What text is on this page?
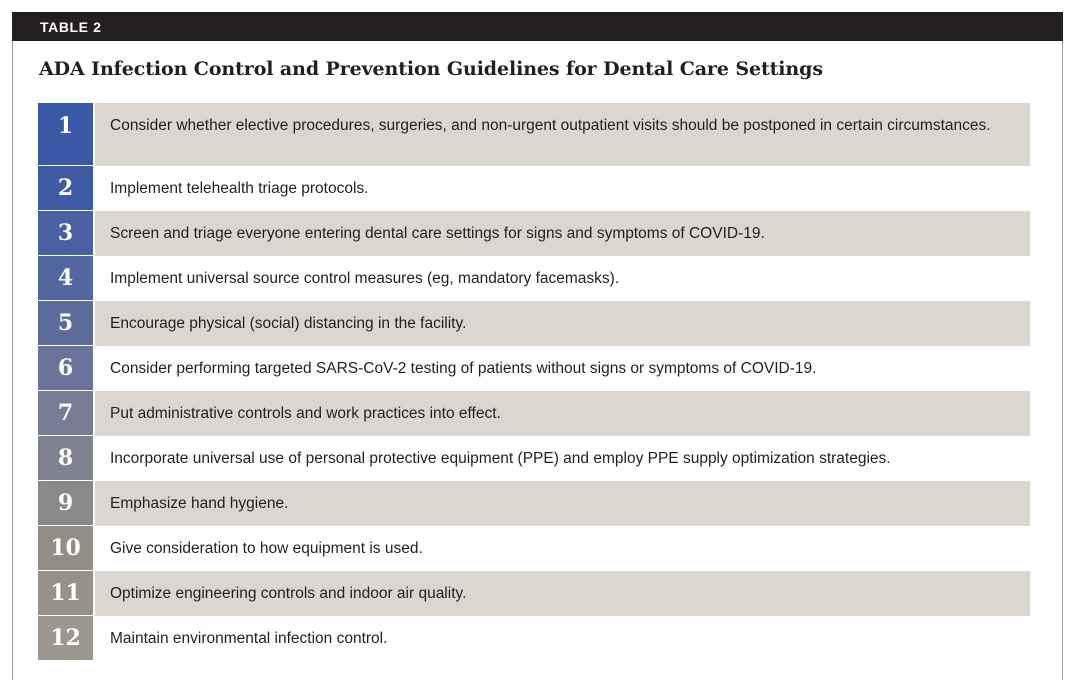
TABLE 2
ADA Infection Control and Prevention Guidelines for Dental Care Settings
1	Consider whether elective procedures, surgeries, and non-urgent outpatient visits should be postponed in certain circumstances.
2	Implement telehealth triage protocols.
3	Screen and triage everyone entering dental care settings for signs and symptoms of COVID-19.
4	Implement universal source control measures (eg, mandatory facemasks).
5	Encourage physical (social) distancing in the facility.
6	Consider performing targeted SARS-CoV-2 testing of patients without signs or symptoms of COVID-19.
7	Put administrative controls and work practices into effect.
8	Incorporate universal use of personal protective equipment (PPE) and employ PPE supply optimization strategies.
9	Emphasize hand hygiene.
10	Give consideration to how equipment is used.
11	Optimize engineering controls and indoor air quality.
12	Maintain environmental infection control.
